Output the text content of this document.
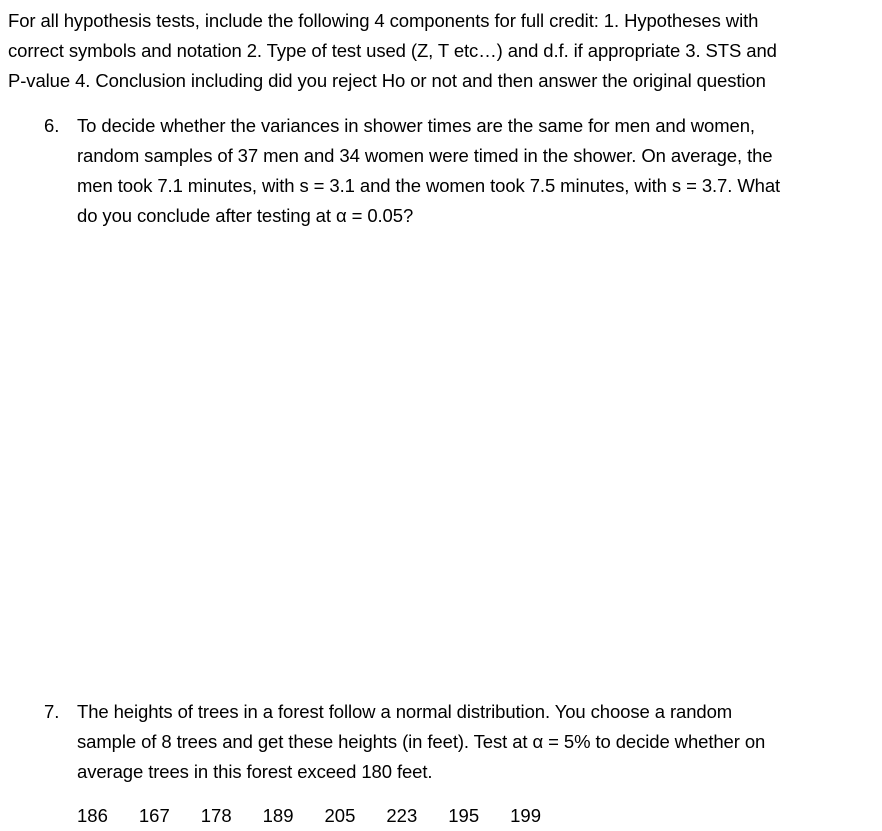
For all hypothesis tests, include the following 4 components for full credit: 1. Hypotheses with
correct symbols and notation 2. Type of test used (Z, T etc…) and d.f. if appropriate 3. STS and
P-value 4. Conclusion including did you reject Ho or not and then answer the original question
6. To decide whether the variances in shower times are the same for men and women,
random samples of 37 men and 34 women were timed in the shower. On average, the
men took 7.1 minutes, with s = 3.1 and the women took 7.5 minutes, with s = 3.7. What
do you conclude after testing at α = 0.05?
7. The heights of trees in a forest follow a normal distribution. You choose a random
sample of 8 trees and get these heights (in feet). Test at α = 5% to decide whether on
average trees in this forest exceed 180 feet.
186 167 178 189 205 223 195 199
